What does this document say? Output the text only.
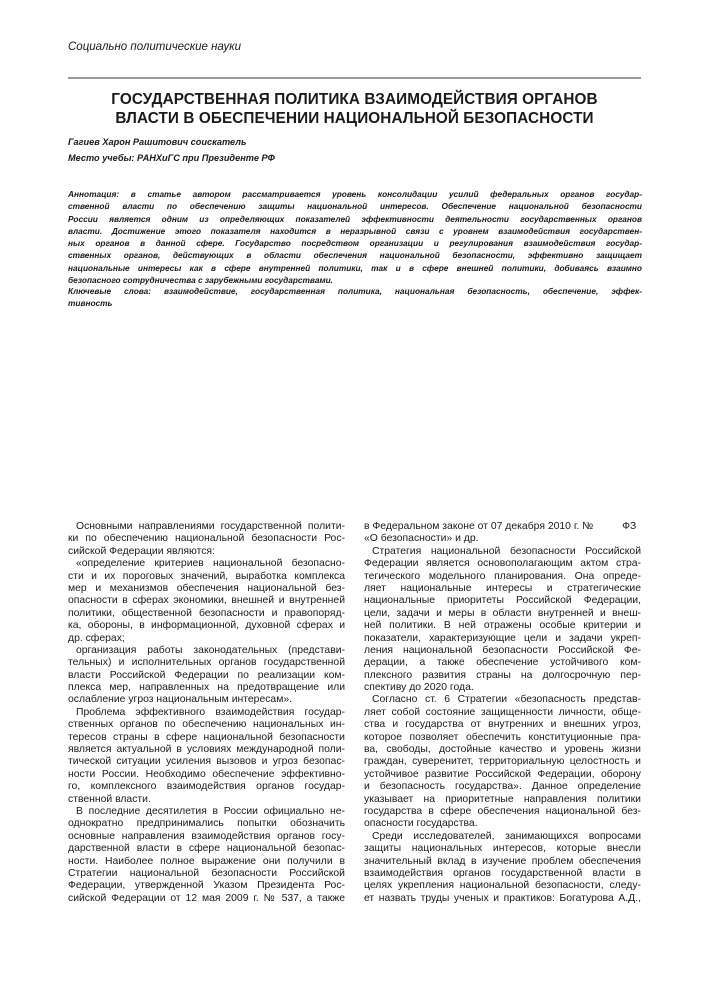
Социально политические науки
ГОСУДАРСТВЕННАЯ ПОЛИТИКА ВЗАИМОДЕЙСТВИЯ ОРГАНОВ
ВЛАСТИ В ОБЕСПЕЧЕНИИ НАЦИОНАЛЬНОЙ БЕЗОПАСНОСТИ
Гагиев Харон Рашитович соискатель
Место учебы: РАНХиГС при Президенте РФ
Аннотация: в статье автором рассматривается уровень консолидации усилий федеральных органов государ-
ственной власти по обеспечению защиты национальной интересов. Обеспечение национальной безопасности
России является одним из определяющих показателей эффективности деятельности государственных органов
власти. Достижение этого показателя находится в неразрывной связи с уровнем взаимодействия государствен-
ных органов в данной сфере. Государство посредством организации и регулирования взаимодействия государ-
ственных органов, действующих в области обеспечения национальной безопасности, эффективно защищает
национальные интересы как в сфере внутренней политики, так и в сфере внешней политики, добиваясь взаимно
безопасного сотрудничества с зарубежными государствами.
Ключевые слова: взаимодействие, государственная политика, национальная безопасность, обеспечение, эффек-
тивность
Основными направлениями государственной полити-
ки по обеспечению национальной безопасности Рос-
сийской Федерации являются:
«определение критериев национальной безопасно-
сти и их пороговых значений, выработка комплекса
мер и механизмов обеспечения национальной без-
опасности в сферах экономики, внешней и внутренней
политики, общественной безопасности и правопоряд-
ка, обороны, в информационной, духовной сферах и
др. сферах;
организация работы законодательных (представи-
тельных) и исполнительных органов государственной
власти Российской Федерации по реализации ком-
плекса мер, направленных на предотвращение или
ослабление угроз национальным интересам».
Проблема эффективного взаимодействия государ-
ственных органов по обеспечению национальных ин-
тересов страны в сфере национальной безопасности
является актуальной в условиях международной поли-
тической ситуации усиления вызовов и угроз безопас-
ности России. Необходимо обеспечение эффективно-
го, комплексного взаимодействия органов государ-
ственной власти.
В последние десятилетия в России официально не-
однократно предпринимались попытки обозначить
основные направления взаимодействия органов госу-
дарственной власти в сфере национальной безопас-
ности. Наиболее полное выражение они получили в
Стратегии национальной безопасности Российской
Федерации, утвержденной Указом Президента Рос-
сийской Федерации от 12 мая 2009 г. № 537, а также
в Федеральном законе от 07 декабря 2010 г. №          ФЗ
«О безопасности» и др.
Стратегия национальной безопасности Российской
Федерации является основополагающим актом стра-
тегического модельного планирования. Она опреде-
ляет национальные интересы и стратегические
национальные приоритеты Российской Федерации,
цели, задачи и меры в области внутренней и внеш-
ней политики. В ней отражены особые критерии и
показатели, характеризующие цели и задачи укреп-
ления национальной безопасности Российской Фе-
дерации, а также обеспечение устойчивого ком-
плексного развития страны на долгосрочную пер-
спективу до 2020 года.
Согласно ст. 6 Стратегии «безопасность представ-
ляет собой состояние защищенности личности, обще-
ства и государства от внутренних и внешних угроз,
которое позволяет обеспечить конституционные пра-
ва, свободы, достойные качество и уровень жизни
граждан, суверенитет, территориальную целостность и
устойчивое развитие Российской Федерации, оборону
и безопасность государства». Данное определение
указывает на приоритетные направления политики
государства в сфере обеспечения национальной без-
опасности государства.
Среди исследователей, занимающихся вопросами
защиты национальных интересов, которые внесли
значительный вклад в изучение проблем обеспечения
взаимодействия органов государственной власти в
целях укрепления национальной безопасности, следу-
ет назвать труды ученых и практиков: Богатурова А.Д.,
